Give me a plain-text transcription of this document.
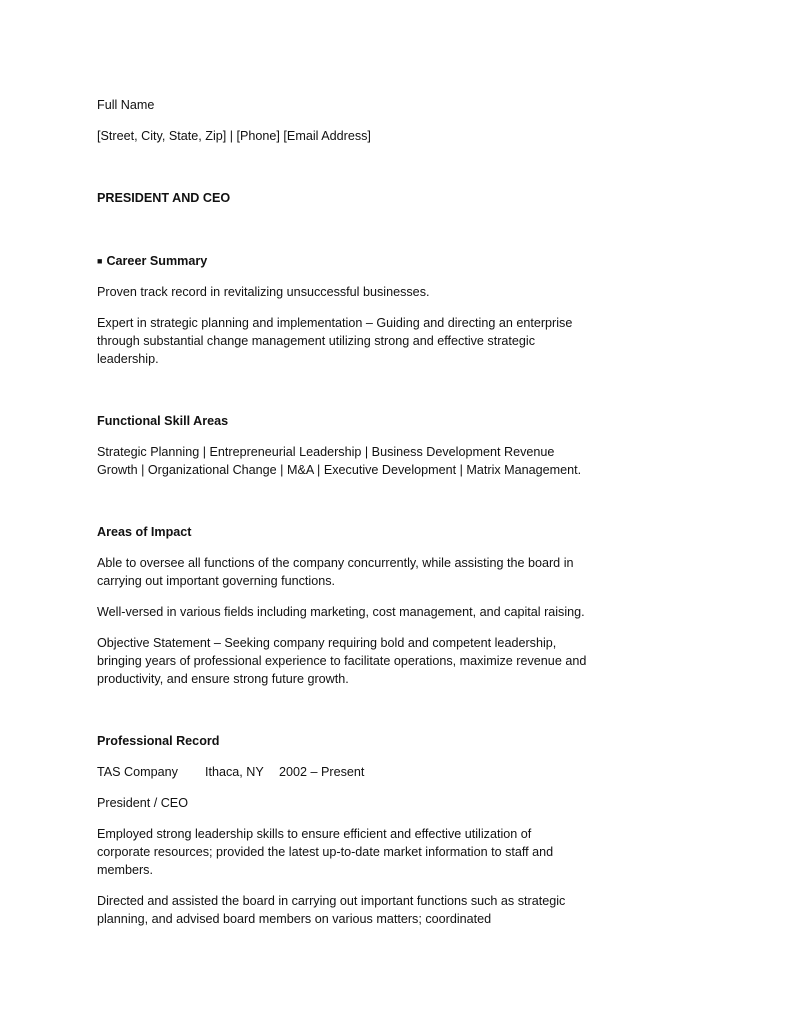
Full Name

[Street, City, State, Zip] | [Phone] [Email Address]

PRESIDENT AND CEO

■ Career Summary

Proven track record in revitalizing unsuccessful businesses.

Expert in strategic planning and implementation – Guiding and directing an enterprise through substantial change management utilizing strong and effective strategic leadership.

Functional Skill Areas

Strategic Planning | Entrepreneurial Leadership | Business Development Revenue Growth | Organizational Change | M&A | Executive Development | Matrix Management.

Areas of Impact

Able to oversee all functions of the company concurrently, while assisting the board in carrying out important governing functions.

Well-versed in various fields including marketing, cost management, and capital raising.

Objective Statement – Seeking company requiring bold and competent leadership, bringing years of professional experience to facilitate operations, maximize revenue and productivity, and ensure strong future growth.

Professional Record

TAS Company Ithaca, NY 2002 – Present

President / CEO

Employed strong leadership skills to ensure efficient and effective utilization of corporate resources; provided the latest up-to-date market information to staff and members.

Directed and assisted the board in carrying out important functions such as strategic planning, and advised board members on various matters; coordinated
